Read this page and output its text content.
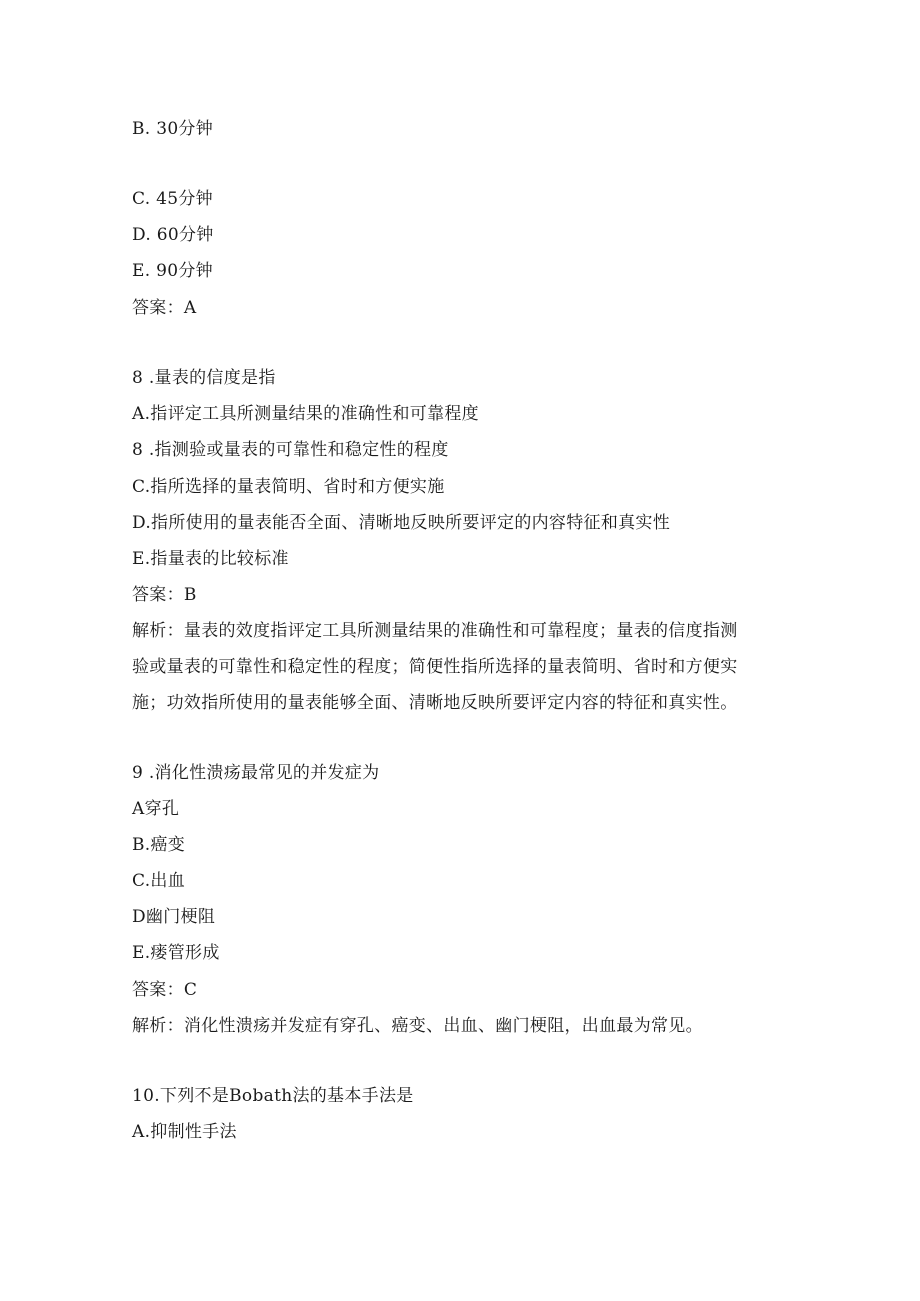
B. 30分钟
C. 45分钟
D. 60分钟
E. 90分钟
答案：A
8 .量表的信度是指
A.指评定工具所测量结果的准确性和可靠程度
8 .指测验或量表的可靠性和稳定性的程度
C.指所选择的量表简明、省时和方便实施
D.指所使用的量表能否全面、清晰地反映所要评定的内容特征和真实性
E.指量表的比较标准
答案：B
解析：量表的效度指评定工具所测量结果的准确性和可靠程度；量表的信度指测
验或量表的可靠性和稳定性的程度；简便性指所选择的量表简明、省时和方便实
施；功效指所使用的量表能够全面、清晰地反映所要评定内容的特征和真实性。
9 .消化性溃疡最常见的并发症为
A穿孔
B.癌变
C.出血
D幽门梗阻
E.瘘管形成
答案：C
解析：消化性溃疡并发症有穿孔、癌变、出血、幽门梗阻，出血最为常见。
10.下列不是Bobath法的基本手法是
A.抑制性手法
